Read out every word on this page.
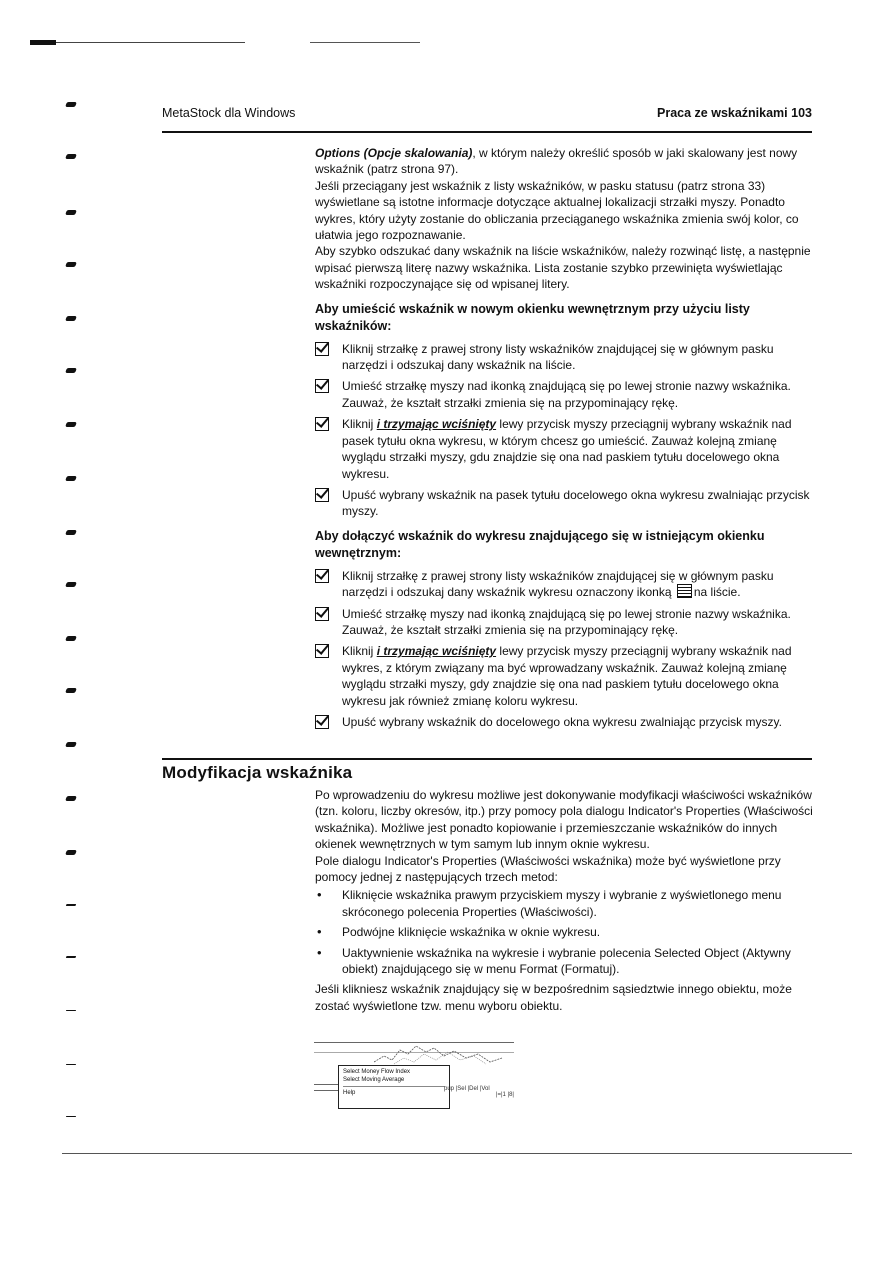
MetaStock dla Windows	Praca ze wskaźnikami 103

Options (Opcje skalowania), w którym należy określić sposób w jaki skalowany jest nowy wskaźnik (patrz strona 97).

Jeśli przeciągany jest wskaźnik z listy wskaźników, w pasku statusu (patrz strona 33) wyświetlane są istotne informacje dotyczące aktualnej lokalizacji strzałki myszy. Ponadto wykres, który użyty zostanie do obliczania przeciąganego wskaźnika zmienia swój kolor, co ułatwia jego rozpoznawanie.

Aby szybko odszukać dany wskaźnik na liście wskaźników, należy rozwinąć listę, a następnie wpisać pierwszą literę nazwy wskaźnika. Lista zostanie szybko przewinięta wyświetlając wskaźniki rozpoczynające się od wpisanej litery.

Aby umieścić wskaźnik w nowym okienku wewnętrznym przy użyciu listy wskaźników:

Kliknij strzałkę z prawej strony listy wskaźników znajdującej się w głównym pasku narzędzi i odszukaj dany wskaźnik na liście.
Umieść strzałkę myszy nad ikonką znajdującą się po lewej stronie nazwy wskaźnika. Zauważ, że kształt strzałki zmienia się na przypominający rękę.
Kliknij i trzymając wciśnięty lewy przycisk myszy przeciągnij wybrany wskaźnik nad pasek tytułu okna wykresu, w którym chcesz go umieścić. Zauważ kolejną zmianę wyglądu strzałki myszy, gdu znajdzie się ona nad paskiem tytułu docelowego okna wykresu.
Upuść wybrany wskaźnik na pasek tytułu docelowego okna wykresu zwalniając przycisk myszy.

Aby dołączyć wskaźnik do wykresu znajdującego się w istniejącym okienku wewnętrznym:

Kliknij strzałkę z prawej strony listy wskaźników znajdującej się w głównym pasku narzędzi i odszukaj dany wskaźnik wykresu oznaczony ikonką na liście.
Umieść strzałkę myszy nad ikonką znajdującą się po lewej stronie nazwy wskaźnika. Zauważ, że kształt strzałki zmienia się na przypominający rękę.
Kliknij i trzymając wciśnięty lewy przycisk myszy przeciągnij wybrany wskaźnik nad wykres, z którym związany ma być wprowadzany wskaźnik. Zauważ kolejną zmianę wyglądu strzałki myszy, gdy znajdzie się ona nad paskiem tytułu docelowego okna wykresu jak również zmianę koloru wykresu.
Upuść wybrany wskaźnik do docelowego okna wykresu zwalniając przycisk myszy.
Modyfikacja wskaźnika

Po wprowadzeniu do wykresu możliwe jest dokonywanie modyfikacji właściwości wskaźników (tzn. koloru, liczby okresów, itp.) przy pomocy pola dialogu Indicator's Properties (Właściwości wskaźnika). Możliwe jest ponadto kopiowanie i przemieszczanie wskaźników do innych okienek wewnętrznych w tym samym lub innym oknie wykresu.

Pole dialogu Indicator's Properties (Właściwości wskaźnika) może być wyświetlone przy pomocy jednej z następujących trzech metod:

• Kliknięcie wskaźnika prawym przyciskiem myszy i wybranie z wyświetlonego menu skróconego polecenia Properties (Właściwości).
• Podwójne kliknięcie wskaźnika w oknie wykresu.
• Uaktywnienie wskaźnika na wykresie i wybranie polecenia Selected Object (Aktywny obiekt) znajdującego się w menu Format (Formatuj).

Jeśli klikniesz wskaźnik znajdujący się w bezpośrednim sąsiedztwie innego obiektu, może zostać wyświetlone tzw. menu wyboru obiektu.

Select Money Flow Index
Select Moving Average
Help
pup |Sel |Del |Vol
|=|1 |8|
